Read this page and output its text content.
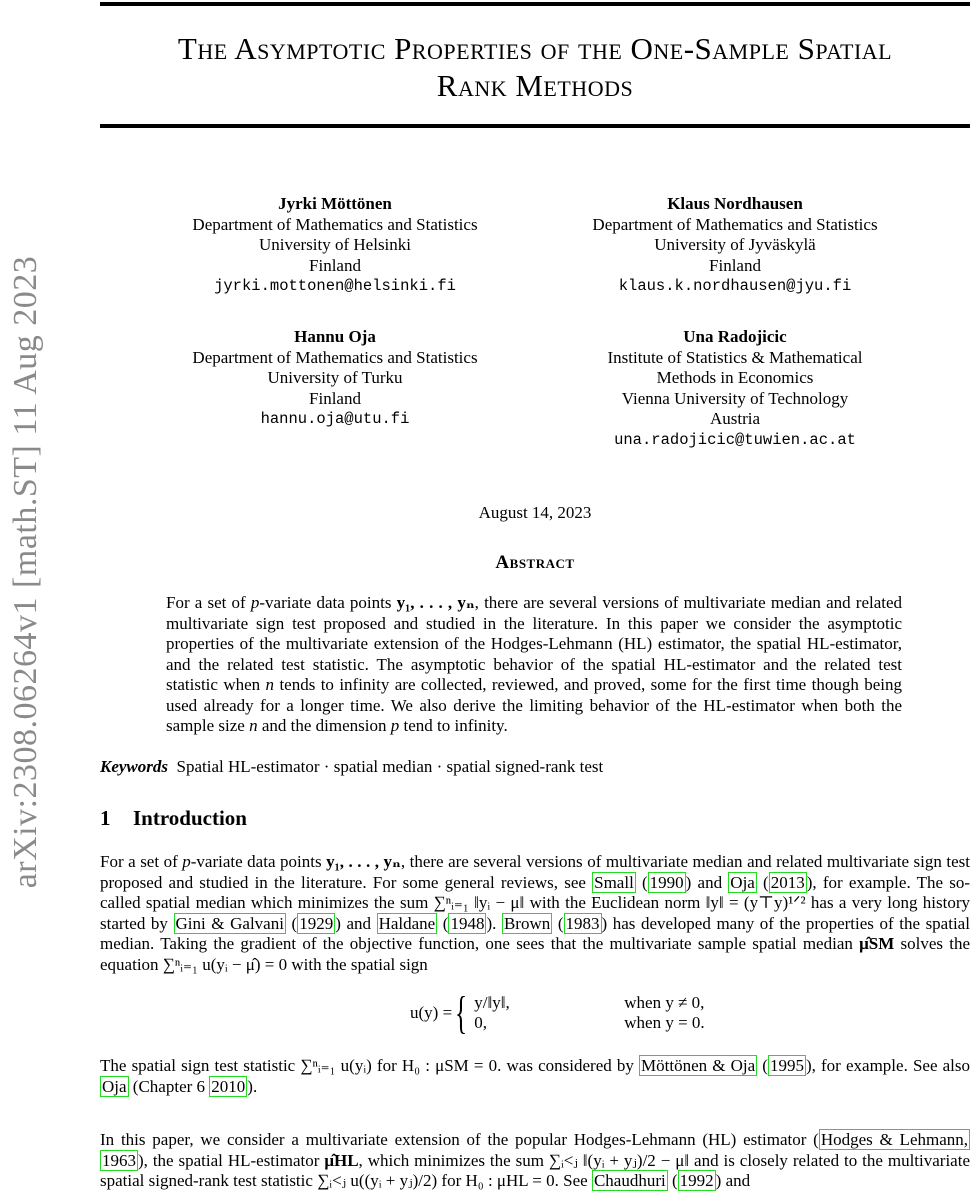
arXiv:2308.06264v1 [math.ST] 11 Aug 2023
The Asymptotic Properties of the One-Sample Spatial
Rank Methods
Jyrki Möttönen
Department of Mathematics and Statistics
University of Helsinki
Finland
jyrki.mottonen@helsinki.fi
Klaus Nordhausen
Department of Mathematics and Statistics
University of Jyväskylä
Finland
klaus.k.nordhausen@jyu.fi
Hannu Oja
Department of Mathematics and Statistics
University of Turku
Finland
hannu.oja@utu.fi
Una Radojicic
Institute of Statistics & Mathematical
Methods in Economics
Vienna University of Technology
Austria
una.radojicic@tuwien.ac.at
August 14, 2023
Abstract
For a set of p-variate data points y₁, . . . , yₙ, there are several versions of multivariate median and related multivariate sign test proposed and studied in the literature. In this paper we consider the asymptotic properties of the multivariate extension of the Hodges-Lehmann (HL) estimator, the spatial HL-estimator, and the related test statistic. The asymptotic behavior of the spatial HL-estimator and the related test statistic when n tends to infinity are collected, reviewed, and proved, some for the first time though being used already for a longer time. We also derive the limiting behavior of the HL-estimator when both the sample size n and the dimension p tend to infinity.
Keywords Spatial HL-estimator · spatial median · spatial signed-rank test
1 Introduction
For a set of p-variate data points y₁, . . . , yₙ, there are several versions of multivariate median and related multivariate sign test proposed and studied in the literature. For some general reviews, see Small ( 1990 ) and Oja ( 2013 ), for example. The so-called spatial median which minimizes the sum ∑ⁿᵢ₌₁ ‖yᵢ − μ‖ with the Euclidean norm ‖y‖ = (y⊤y)¹ᐟ² has a very long history started by Gini & Galvani ( 1929 ) and Haldane ( 1948 ). Brown ( 1983 ) has developed many of the properties of the spatial median. Taking the gradient of the objective function, one sees that the multivariate sample spatial median μ̂SM solves the equation ∑ⁿᵢ₌₁ u(yᵢ − μ̂) = 0 with the spatial sign
u(y) ={ y/‖y‖,	when y ≠ 0,
0,	when y = 0.
The spatial sign test statistic ∑ⁿᵢ₌₁ u(yᵢ) for H₀ : μSM = 0. was considered by Möttönen & Oja ( 1995 ), for example. See also Oja (Chapter 6 2010 ).
In this paper, we consider a multivariate extension of the popular Hodges-Lehmann (HL) estimator ( Hodges & Lehmann, 1963 ), the spatial HL-estimator μ̂HL, which minimizes the sum ∑ᵢ<ⱼ ‖(yᵢ + yⱼ)/2 − μ‖ and is closely related to the multivariate spatial signed-rank test statistic ∑ᵢ<ⱼ u((yᵢ + yⱼ)/2) for H₀ : μHL = 0. See Chaudhuri ( 1992 ) and
